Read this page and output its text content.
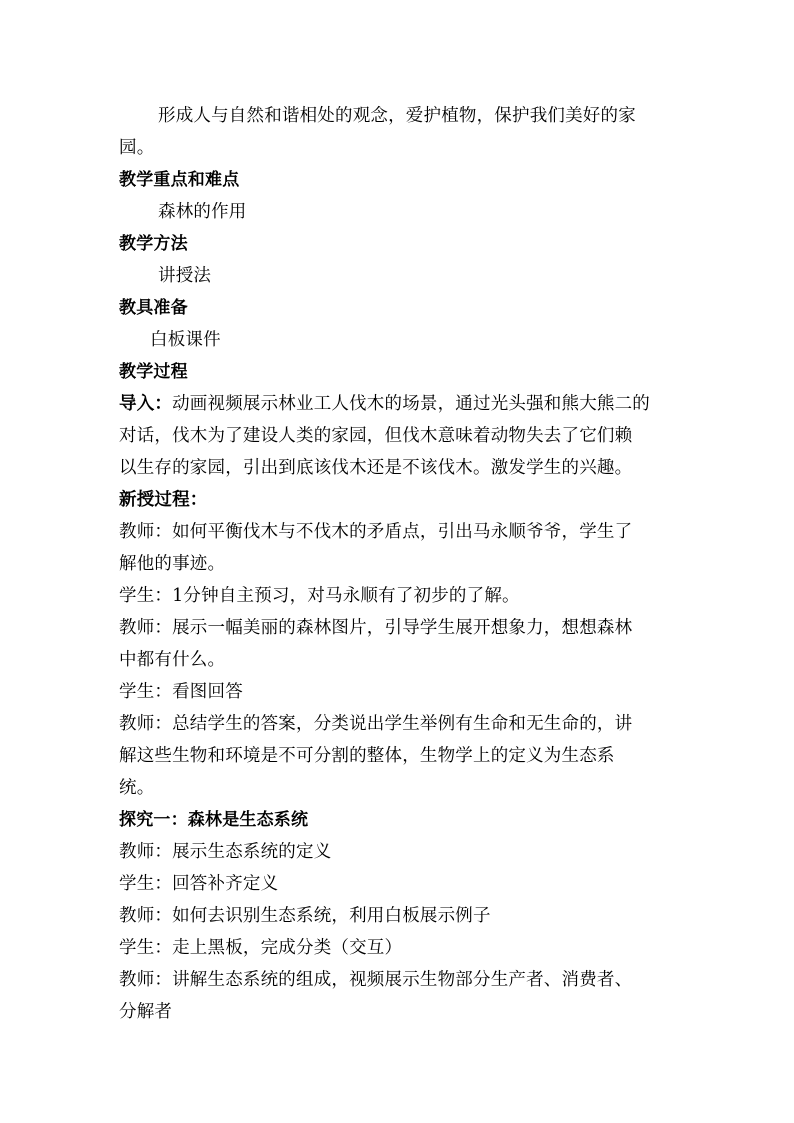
形成人与自然和谐相处的观念，爱护植物，保护我们美好的家
园。
教学重点和难点
森林的作用
教学方法
讲授法
教具准备
白板课件
教学过程
导入：动画视频展示林业工人伐木的场景，通过光头强和熊大熊二的
对话，伐木为了建设人类的家园，但伐木意味着动物失去了它们赖
以生存的家园，引出到底该伐木还是不该伐木。激发学生的兴趣。
新授过程：
教师：如何平衡伐木与不伐木的矛盾点，引出马永顺爷爷，学生了
解他的事迹。
学生：1分钟自主预习，对马永顺有了初步的了解。
教师：展示一幅美丽的森林图片，引导学生展开想象力，想想森林
中都有什么。
学生：看图回答
教师：总结学生的答案，分类说出学生举例有生命和无生命的，讲
解这些生物和环境是不可分割的整体，生物学上的定义为生态系
统。
探究一：森林是生态系统
教师：展示生态系统的定义
学生：回答补齐定义
教师：如何去识别生态系统，利用白板展示例子
学生：走上黑板，完成分类（交互）
教师：讲解生态系统的组成，视频展示生物部分生产者、消费者、
分解者
